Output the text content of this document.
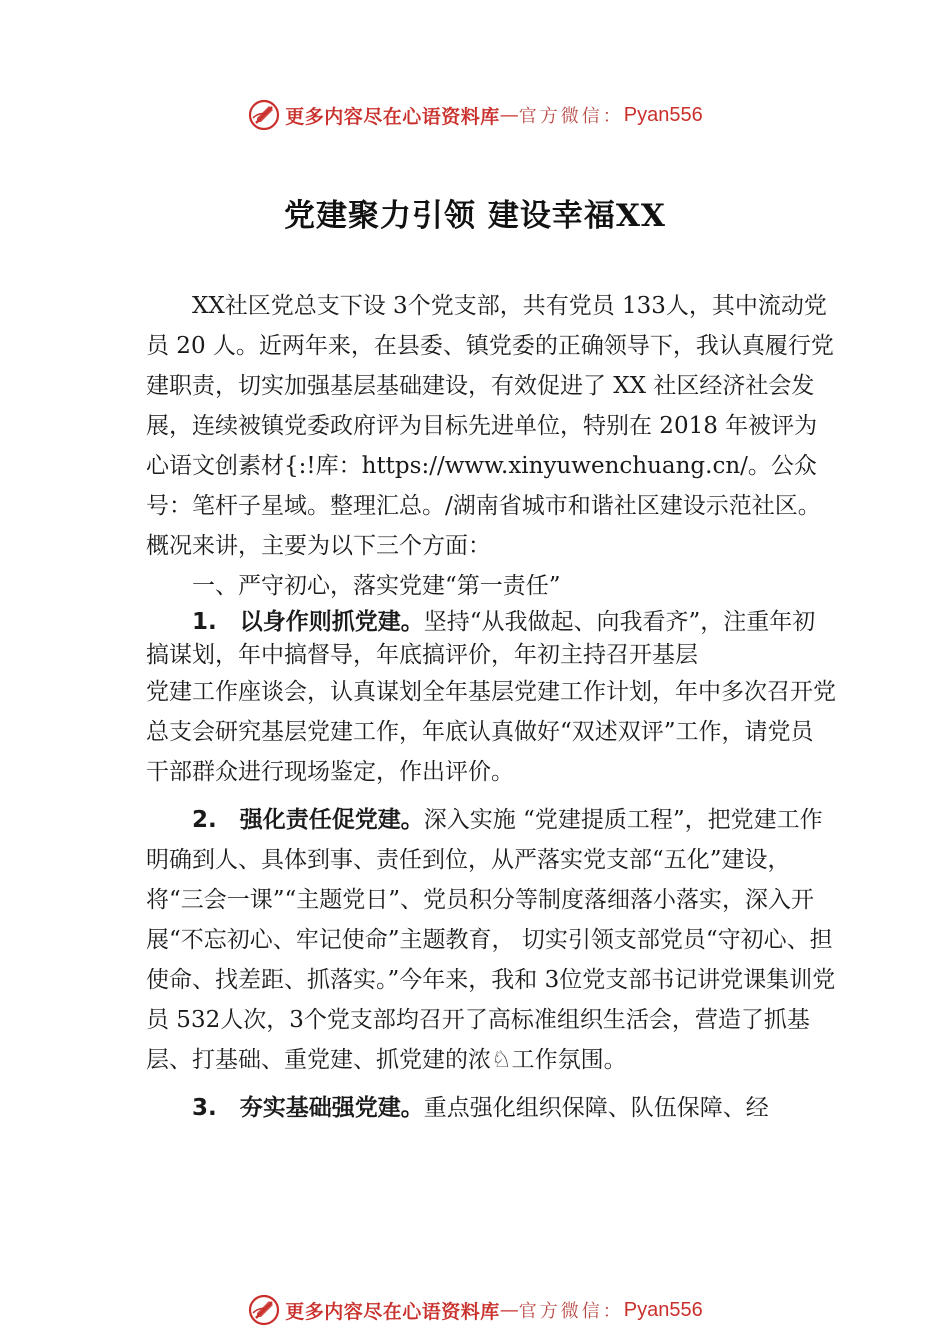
更多内容尽在心语资料库 — 官方微信： Pyan556
党建聚力引领 建设幸福XX

XX社区党总支下设 3个党支部，共有党员 133人，其中流动党员 20 人。近两年来，在县委、镇党委的正确领导下，我认真履行党建职责，切实加强基层基础建设，有效促进了 XX 社区经济社会发展，连续被镇党委政府评为目标先进单位，特别在 2018 年被评为心语文创素材{:!库：https://www.xinyuwenchuang.cn/。公众号：笔杆子星域。整理汇总。/湖南省城市和谐社区建设示范社区。概况来讲，主要为以下三个方面：

一、严守初心，落实党建“第一责任”

1.　以身作则抓党建。坚持“从我做起、向我看齐”，注重年初搞谋划，年中搞督导，年底搞评价，年初主持召开基层

党建工作座谈会，认真谋划全年基层党建工作计划，年中多次召开党总支会研究基层党建工作，年底认真做好“双述双评”工作，请党员干部群众进行现场鉴定，作出评价。

2.　强化责任促党建。深入实施 “党建提质工程”，把党建工作明确到人、具体到事、责任到位，从严落实党支部“五化”建设，将“三会一课”“主题党日”、党员积分等制度落细落小落实，深入开展“不忘初心、牢记使命”主题教育， 切实引领支部党员“守初心、担使命、找差距、抓落实。”今年来，我和 3位党支部书记讲党课集训党员 532人次，3个党支部均召开了高标准组织生活会，营造了抓基层、打基础、重党建、抓党建的浓♘工作氛围。

3.　夯实基础强党建。重点强化组织保障、队伍保障、经

更多内容尽在心语资料库 — 官方微信： Pyan556
